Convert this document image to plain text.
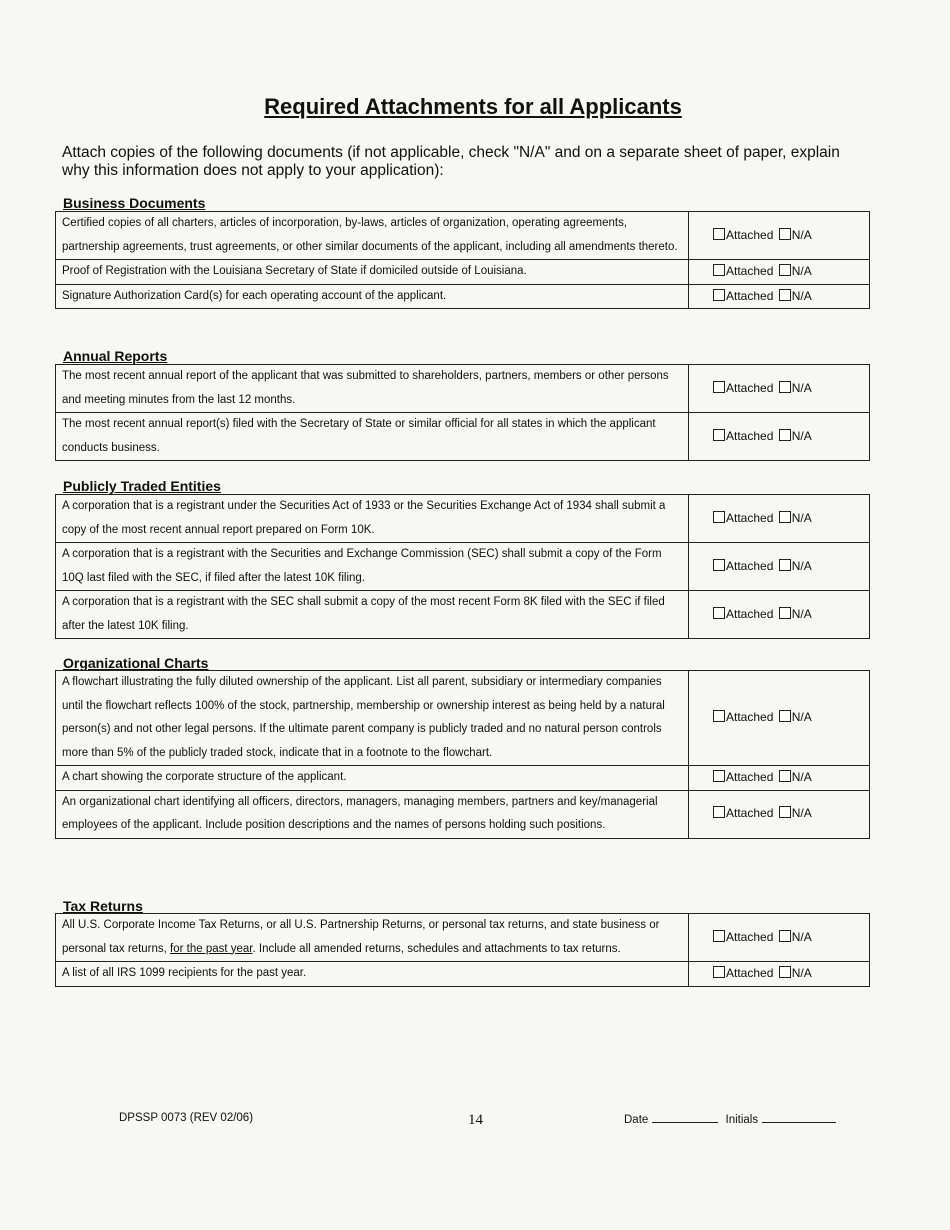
Required Attachments for all Applicants

Attach copies of the following documents (if not applicable, check "N/A" and on a separate sheet of paper, explain why this information does not apply to your application):

Business Documents
Certified copies of all charters, articles of incorporation, by-laws, articles of organization, operating agreements, partnership agreements, trust agreements, or other similar documents of the applicant, including all amendments thereto.	Attached N/A
Proof of Registration with the Louisiana Secretary of State if domiciled outside of Louisiana.	Attached N/A
Signature Authorization Card(s) for each operating account of the applicant.	Attached N/A
Annual Reports
The most recent annual report of the applicant that was submitted to shareholders, partners, members or other persons and meeting minutes from the last 12 months.	Attached N/A
The most recent annual report(s) filed with the Secretary of State or similar official for all states in which the applicant conducts business.	Attached N/A
Publicly Traded Entities
A corporation that is a registrant under the Securities Act of 1933 or the Securities Exchange Act of 1934 shall submit a copy of the most recent annual report prepared on Form 10K.	Attached N/A
A corporation that is a registrant with the Securities and Exchange Commission (SEC) shall submit a copy of the Form 10Q last filed with the SEC, if filed after the latest 10K filing.	Attached N/A
A corporation that is a registrant with the SEC shall submit a copy of the most recent Form 8K filed with the SEC if filed after the latest 10K filing.	Attached N/A
Organizational Charts
A flowchart illustrating the fully diluted ownership of the applicant. List all parent, subsidiary or intermediary companies until the flowchart reflects 100% of the stock, partnership, membership or ownership interest as being held by a natural person(s) and not other legal persons. If the ultimate parent company is publicly traded and no natural person controls more than 5% of the publicly traded stock, indicate that in a footnote to the flowchart.	Attached N/A
A chart showing the corporate structure of the applicant.	Attached N/A
An organizational chart identifying all officers, directors, managers, managing members, partners and key/managerial employees of the applicant. Include position descriptions and the names of persons holding such positions.	Attached N/A
Tax Returns
All U.S. Corporate Income Tax Returns, or all U.S. Partnership Returns, or personal tax returns, and state business or personal tax returns, for the past year. Include all amended returns, schedules and attachments to tax returns.	Attached N/A
A list of all IRS 1099 recipients for the past year.	Attached N/A
DPSSP 0073 (REV 02/06)	14	Date	Initials
